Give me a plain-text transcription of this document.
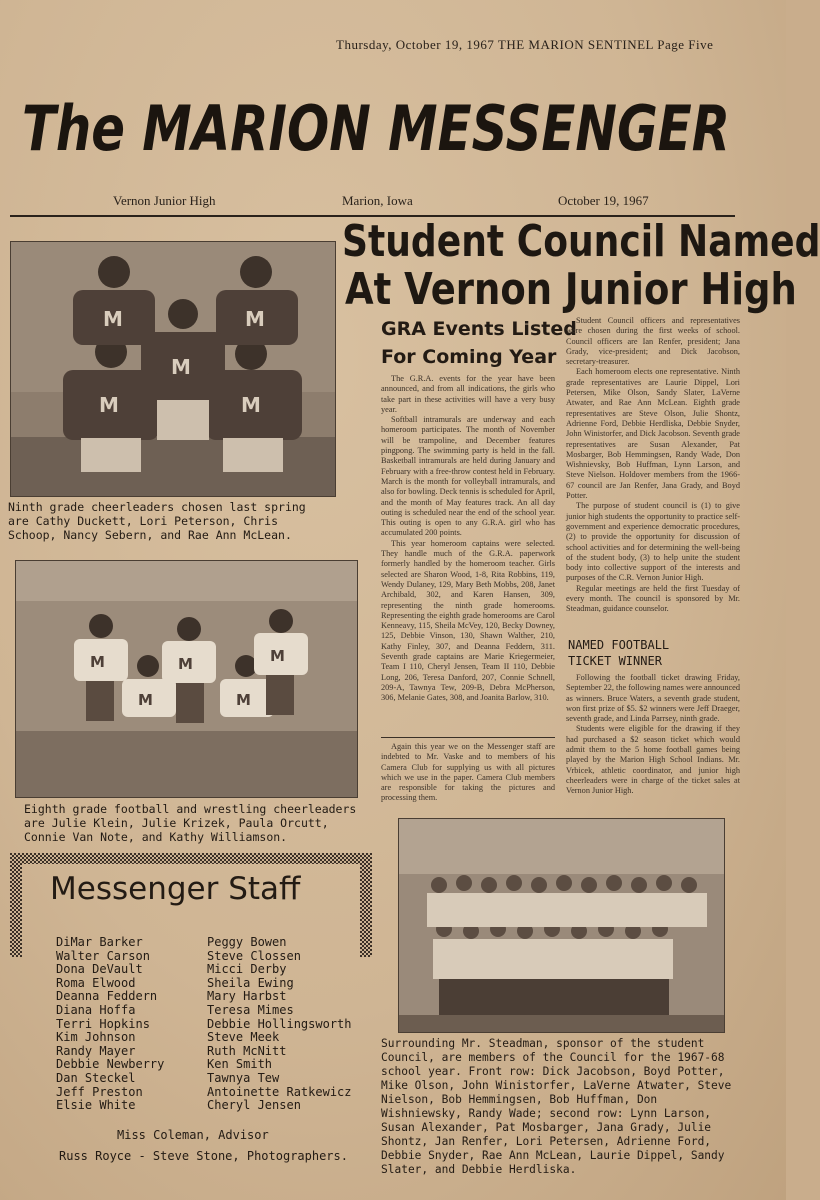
Thursday, October 19, 1967 THE MARION SENTINEL Page Five
The MARION MESSENGER
Vernon Junior High	Marion, Iowa	October 19, 1967
Student Council Named
At Vernon Junior High
M	M
M
M	M
Ninth grade cheerleaders chosen last spring are Cathy Duckett, Lori Peterson, Chris Schoop, Nancy Sebern, and Rae Ann McLean.
M	M	M
M	M
Eighth grade football and wrestling cheerleaders are Julie Klein, Julie Krizek, Paula Orcutt, Connie Van Note, and Kathy Williamson.
GRA Events Listed
For Coming Year

The G.R.A. events for the year have been announced, and from all indications, the girls who take part in these activities will have a very busy year.

Softball intramurals are underway and each homeroom participates. The month of November will be trampoline, and December features pingpong. The swimming party is held in the fall. Basketball intramurals are held during January and February with a free-throw contest held in February. March is the month for volleyball intramurals, and also for bowling. Deck tennis is scheduled for April, and the month of May features track. An all day outing is scheduled near the end of the school year. This outing is open to any G.R.A. girl who has accumulated 200 points.

This year homeroom captains were selected. They handle much of the G.R.A. paperwork formerly handled by the homeroom teacher. Girls selected are Sharon Wood, 1-8, Rita Robbins, 119, Wendy Dulaney, 129, Mary Beth Mobbs, 208, Janet Archibald, 302, and Karen Hansen, 309, representing the ninth grade homerooms. Representing the eighth grade homerooms are Carol Kenneavy, 115, Sheila McVey, 120, Becky Downey, 125, Debbie Vinson, 130, Shawn Walther, 210, Kathy Finley, 307, and Deanna Feddern, 311. Seventh grade captains are Marie Kriegermeier, Team I 110, Cheryl Jensen, Team II 110, Debbie Long, 206, Teresa Danford, 207, Connie Schnell, 209-A, Tawnya Tew, 209-B, Debra McPherson, 306, Melanie Gates, 308, and Joanita Barlow, 310.

Again this year we on the Messenger staff are indebted to Mr. Vaske and to members of his Camera Club for supplying us with all pictures which we use in the paper. Camera Club members are responsible for taking the pictures and processing them.

Student Council officers and representatives were chosen during the first weeks of school. Council officers are Ian Renfer, president; Jana Grady, vice-president; and Dick Jacobson, secretary-treasurer.

Each homeroom elects one representative. Ninth grade representatives are Laurie Dippel, Lori Petersen, Mike Olson, Sandy Slater, LaVerne Atwater, and Rae Ann McLean. Eighth grade representatives are Steve Olson, Julie Shontz, Adrienne Ford, Debbie Herdliska, Debbie Snyder, John Winistorfer, and Dick Jacobson. Seventh grade representatives are Susan Alexander, Pat Mosbarger, Bob Hemmingsen, Randy Wade, Don Wishnievsky, Bob Huffman, Lynn Larson, and Steve Nielson. Holdover members from the 1966-67 council are Jan Renfer, Jana Grady, and Boyd Potter.

The purpose of student council is (1) to give junior high students the opportunity to practice self-government and experience democratic procedures, (2) to provide the opportunity for discussion of school activities and for determining the well-being of the student body, (3) to help unite the student body into collective support of the interests and purposes of the C.R. Vernon Junior High.

Regular meetings are held the first Tuesday of every month. The council is sponsored by Mr. Steadman, guidance counselor.

NAMED FOOTBALL
TICKET WINNER

Following the football ticket drawing Friday, September 22, the following names were announced as winners. Bruce Waters, a seventh grade student, won first prize of $5. $2 winners were Jeff Draeger, seventh grade, and Linda Parrsey, ninth grade.

Students were eligible for the drawing if they had purchased a $2 season ticket which would admit them to the 5 home football games being played by the Marion High School Indians. Mr. Vrbicek, athletic coordinator, and junior high cheerleaders were in charge of the ticket sales at Vernon Junior High.

Surrounding Mr. Steadman, sponsor of the student Council, are members of the Council for the 1967-68 school year. Front row: Dick Jacobson, Boyd Potter, Mike Olson, John Winistorfer, LaVerne Atwater, Steve Nielson, Bob Hemmingsen, Bob Huffman, Don Wishniewsky, Randy Wade; second row: Lynn Larson, Susan Alexander, Pat Mosbarger, Jana Grady, Julie Shontz, Jan Renfer, Lori Petersen, Adrienne Ford, Debbie Snyder, Rae Ann McLean, Laurie Dippel, Sandy Slater, and Debbie Herdliska.
Messenger Staff
DiMar Barker
Walter Carson
Dona DeVault
Roma Elwood
Deanna Feddern
Diana Hoffa
Terri Hopkins
Kim Johnson
Randy Mayer
Debbie Newberry
Dan Steckel
Jeff Preston
Elsie White
Peggy Bowen
Steve Clossen
Micci Derby
Sheila Ewing
Mary Harbst
Teresa Mimes
Debbie Hollingsworth
Steve Meek
Ruth McNitt
Ken Smith
Tawnya Tew
Antoinette Ratkewicz
Cheryl Jensen
Miss Coleman, Advisor
Russ Royce - Steve Stone, Photographers.
